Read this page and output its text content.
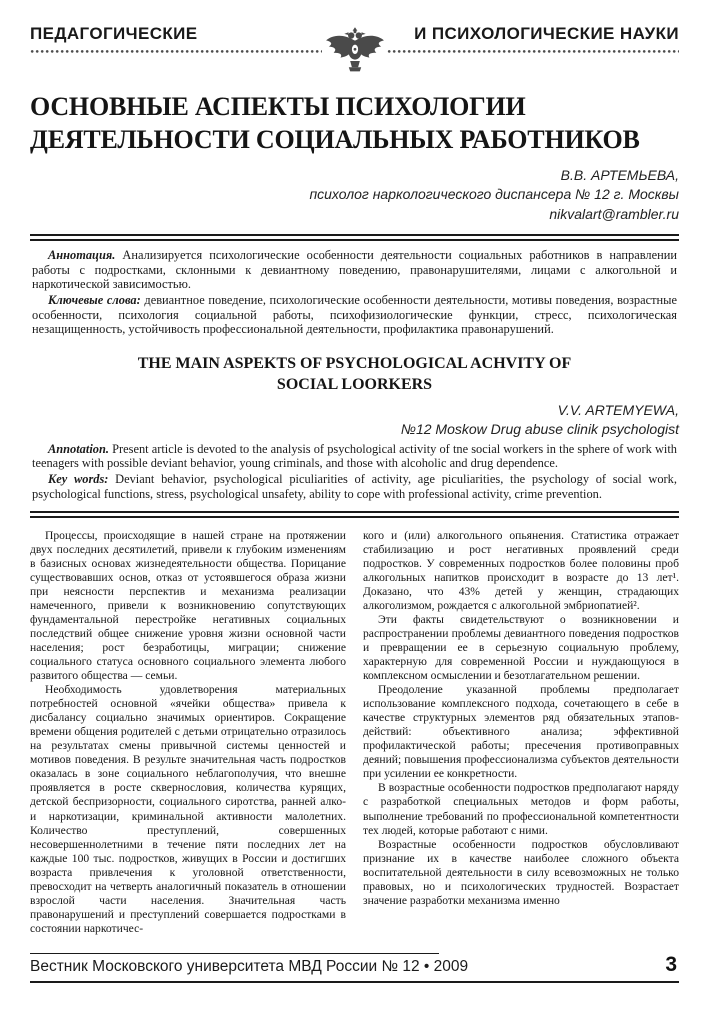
ПЕДАГОГИЧЕСКИЕ	И ПСИХОЛОГИЧЕСКИЕ НАУКИ
ОСНОВНЫЕ АСПЕКТЫ ПСИХОЛОГИИ
ДЕЯТЕЛЬНОСТИ СОЦИАЛЬНЫХ РАБОТНИКОВ
В.В. АРТЕМЬЕВА,
психолог наркологического диспансера № 12 г. Москвы
nikvalart@rambler.ru

Аннотация. Анализируется психологические особенности деятельности социальных работников в направлении работы с подростками, склонными к девиантному поведению, правонарушителями, лицами с алкогольной и наркотической зависимостью.

Ключевые слова: девиантное поведение, психологические особенности деятельности, мотивы поведения, возрастные особенности, психология социальной работы, психофизиологические функции, стресс, психологическая незащищенность, устойчивость профессиональной деятельности, профилактика правонарушений.

THE MAIN ASPEKTS OF PSYCHOLOGICAL ACHVITY OF SOCIAL LOORKERS
V.V. ARTEMYEWA,
№12 Moskow Drug abuse clinik psychologist

Annotation. Present article is devoted to the analysis of psychological activity of tne social workers in the sphere of work with teenagers with possible deviant behavior, young criminals, and those with alcoholic and drug dependence.

Key words: Deviant behavior, psychological piculiarities of activity, age piculiarities, the psychology of social work, psychological functions, stress, psychological unsafety, ability to cope with professional activity, crime prevention.

Процессы, происходящие в нашей стране на протяжении двух последних десятилетий, привели к глубоким изменениям в базисных основах жизнедеятельности общества. Порицание существовавших основ, отказ от устоявшегося образа жизни при неясности перспектив и механизма реализации намеченного, привели к возникновению сопутствующих фундаментальной перестройке негативных социальных последствий общее снижение уровня жизни основной части населения; рост безработицы, миграции; снижение социального статуса основного социального элемента любого развитого общества — семьи.

Необходимость удовлетворения материальных потребностей основной «ячейки общества» привела к дисбалансу социально значимых ориентиров. Сокращение времени общения родителей с детьми отрицательно отразилось на результатах смены привычной системы ценностей и мотивов поведения. В результе значительная часть подростков оказалась в зоне социального неблагополучия, что внешне проявляется в росте сквернословия, количества курящих, детской беспризорности, социального сиротства, ранней алко- и наркотизации, криминальной активности малолетних. Количество преступлений, совершенных несовершеннолетними в течение пяти последних лет на каждые 100 тыс. подростков, живущих в России и достигших возраста привлечения к уголовной ответственности, превосходит на четверть аналогичный показатель в отношении взрослой части населения. Значительная часть правонарушений и преступлений совершается подростками в состоянии наркотичес-

кого и (или) алкогольного опьянения. Статистика отражает стабилизацию и рост негативных проявлений среди подростков. У современных подростков более половины проб алкогольных напитков происходит в возрасте до 13 лет¹. Доказано, что 43% детей у женщин, страдающих алкоголизмом, рождается с алкогольной эмбриопатией².

Эти факты свидетельствуют о возникновении и распространении проблемы девиантного поведения подростков и превращении ее в серьезную социальную проблему, характерную для современной России и нуждающуюся в комплексном осмыслении и безотлагательном решении.

Преодоление указанной проблемы предполагает использование комплексного подхода, сочетающего в себе в качестве структурных элементов ряд обязательных этапов-действий: объективного анализа; эффективной профилактической работы; пресечения противоправных деяний; повышения профессионализма субъектов деятельности при усилении ее конкретности.

В возрастные особенности подростков предполагают наряду с разработкой специальных методов и форм работы, выполнение требований по профессиональной компетентности тех людей, которые работают с ними.

Возрастные особенности подростков обусловливают признание их в качестве наиболее сложного объекта воспитательной деятельности в силу всевозможных не только правовых, но и психологических трудностей. Возрастает значение разработки механизма именно

Вестник Московского университета МВД России № 12 • 2009	3
